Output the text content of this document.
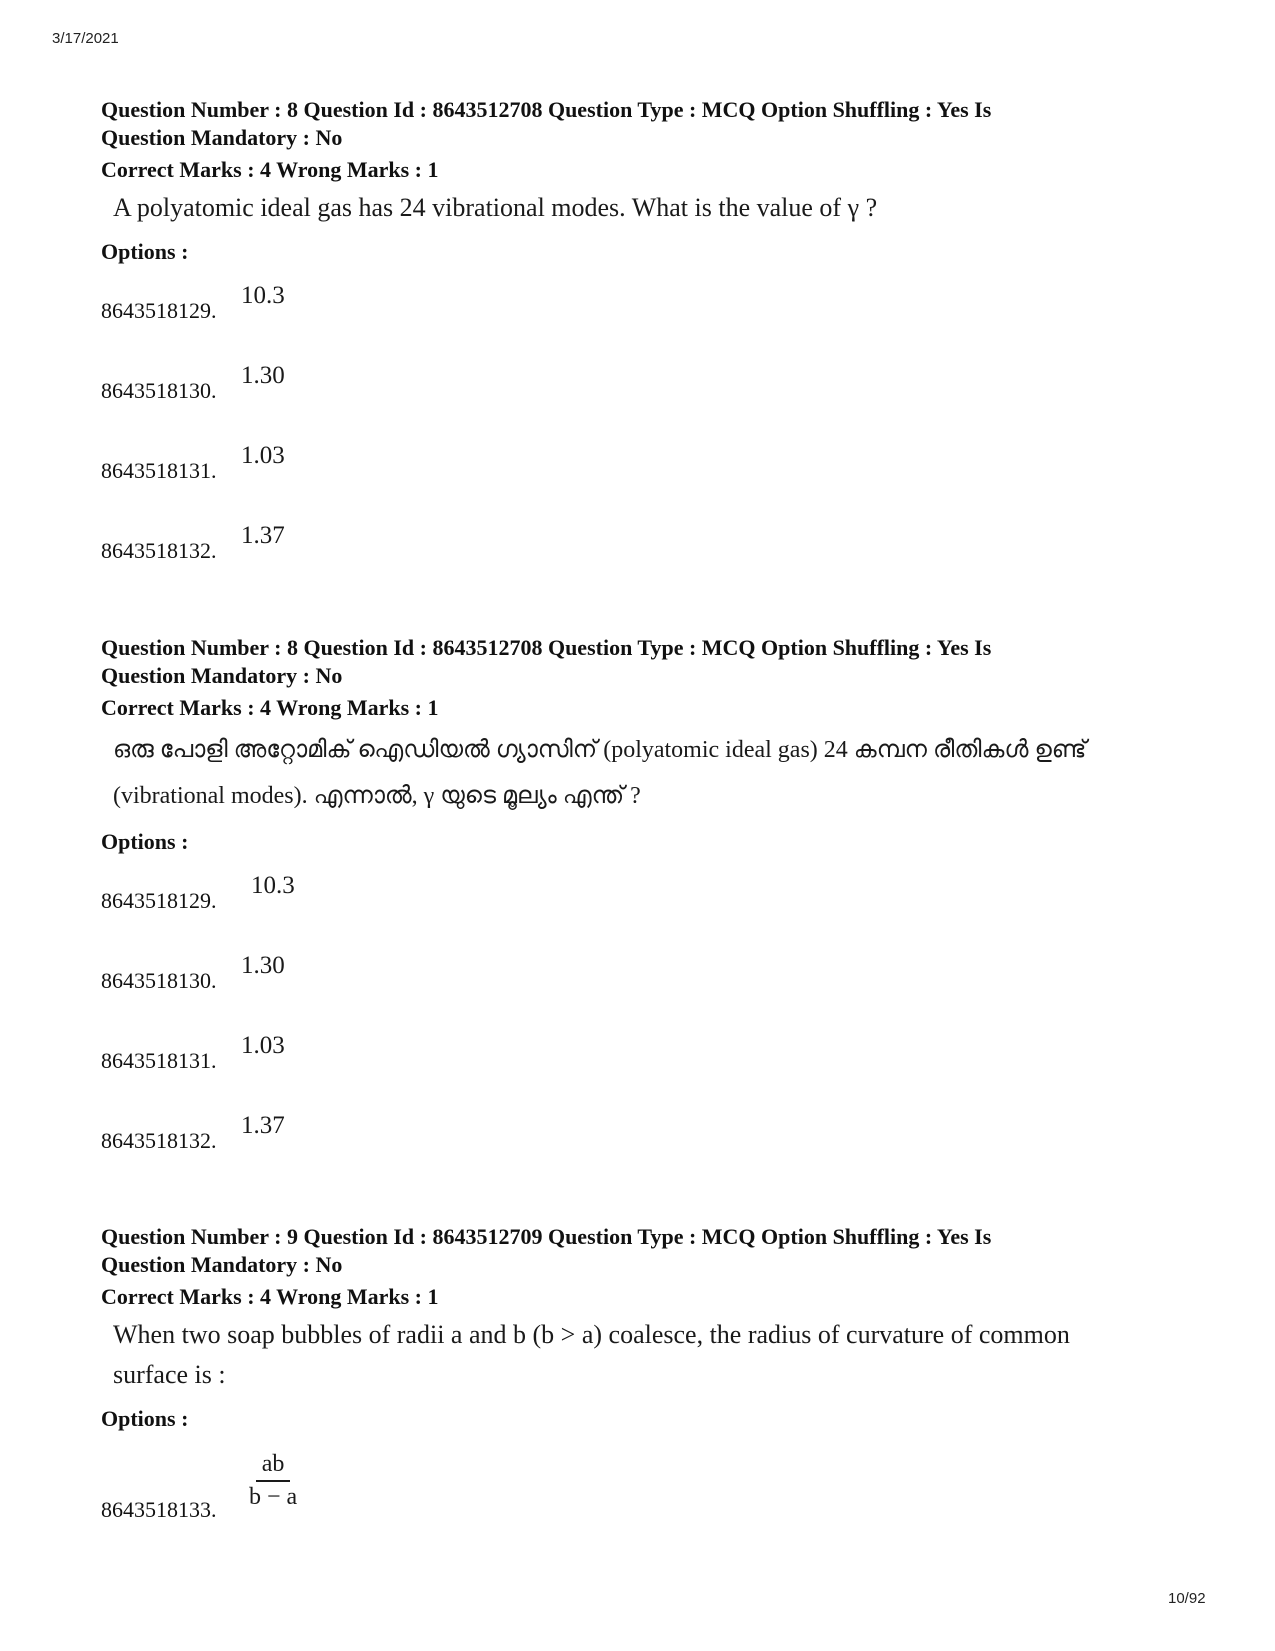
3/17/2021

Question Number : 8 Question Id : 8643512708 Question Type : MCQ Option Shuffling : Yes Is

Question Mandatory : No

Correct Marks : 4 Wrong Marks : 1

A polyatomic ideal gas has 24 vibrational modes. What is the value of γ ?

Options :

8643518129.
10.3
8643518130.
1.30
8643518131.
1.03
8643518132.
1.37

Question Number : 8 Question Id : 8643512708 Question Type : MCQ Option Shuffling : Yes Is

Question Mandatory : No

Correct Marks : 4 Wrong Marks : 1

ഒരു പോളി അറ്റോമിക് ഐഡിയൽ ഗ്യാസിന് (polyatomic ideal gas) 24 കമ്പന രീതികൾ ഉണ്ട്

(vibrational modes). എന്നാൽ, γ യുടെ മൂല്യം എന്ത് ?

Options :

8643518129.
10.3
8643518130.
1.30
8643518131.
1.03
8643518132.
1.37

Question Number : 9 Question Id : 8643512709 Question Type : MCQ Option Shuffling : Yes Is

Question Mandatory : No

Correct Marks : 4 Wrong Marks : 1

When two soap bubbles of radii a and b (b > a) coalesce, the radius of curvature of common

surface is :

Options :

8643518133. $\frac{ab}{b - a}$
10/92
